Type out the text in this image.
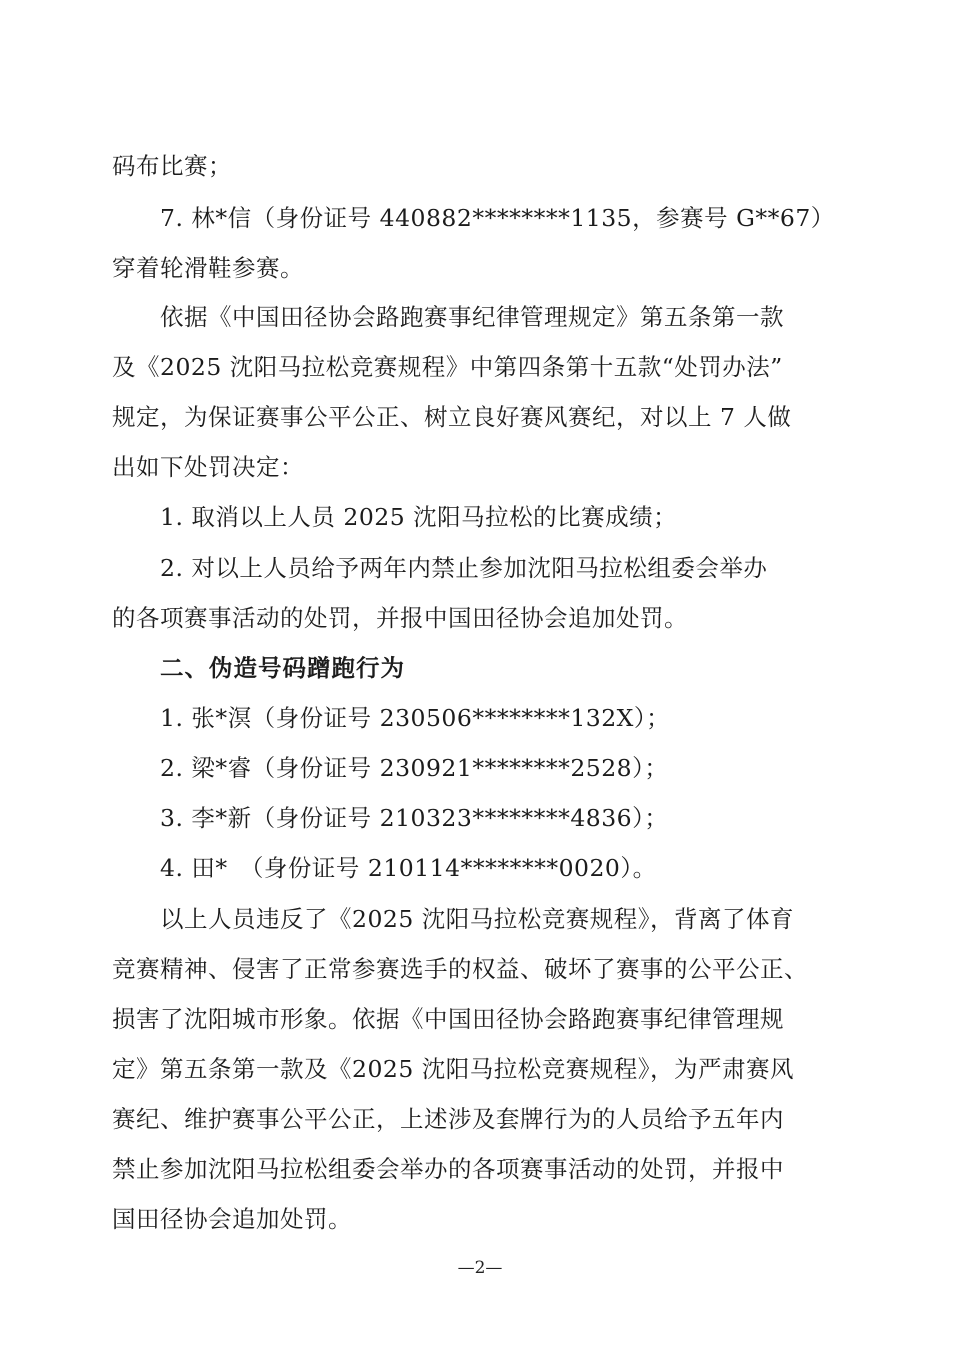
码布比赛；
7. 林*信（身份证号 440882********1135，参赛号 G**67）
穿着轮滑鞋参赛。
依据《中国田径协会路跑赛事纪律管理规定》第五条第一款
及《2025 沈阳马拉松竞赛规程》中第四条第十五款“处罚办法”
规定，为保证赛事公平公正、树立良好赛风赛纪，对以上 7 人做
出如下处罚决定：
1. 取消以上人员 2025 沈阳马拉松的比赛成绩；
2. 对以上人员给予两年内禁止参加沈阳马拉松组委会举办
的各项赛事活动的处罚，并报中国田径协会追加处罚。
二、伪造号码蹭跑行为
1. 张*溟（身份证号 230506********132X）；
2. 梁*睿（身份证号 230921********2528）；
3. 李*新（身份证号 210323********4836）；
4. 田*　（身份证号 210114********0020）。
以上人员违反了《2025 沈阳马拉松竞赛规程》，背离了体育
竞赛精神、侵害了正常参赛选手的权益、破坏了赛事的公平公正、
损害了沈阳城市形象。依据《中国田径协会路跑赛事纪律管理规
定》第五条第一款及《2025 沈阳马拉松竞赛规程》，为严肃赛风
赛纪、维护赛事公平公正，上述涉及套牌行为的人员给予五年内
禁止参加沈阳马拉松组委会举办的各项赛事活动的处罚，并报中
国田径协会追加处罚。
—2—
